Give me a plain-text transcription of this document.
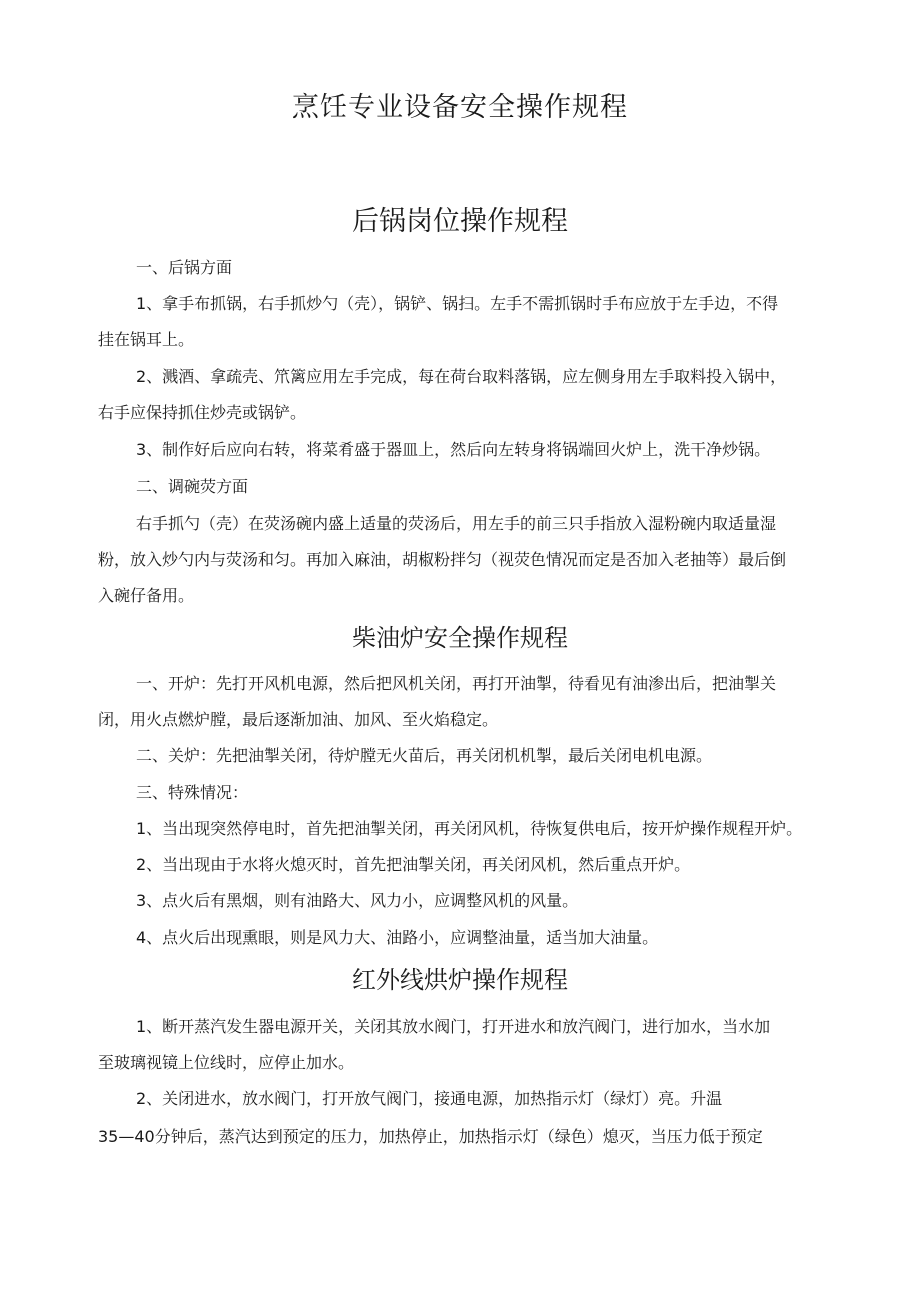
烹饪专业设备安全操作规程
后锅岗位操作规程
一、后锅方面
1、拿手布抓锅，右手抓炒勺（壳），锅铲、锅扫。左手不需抓锅时手布应放于左手边，不得
挂在锅耳上。
2、溅酒、拿疏壳、笊篱应用左手完成，每在荷台取料落锅，应左侧身用左手取料投入锅中，
右手应保持抓住炒壳或锅铲。
3、制作好后应向右转，将菜肴盛于器皿上，然后向左转身将锅端回火炉上，洗干净炒锅。
二、调碗荧方面
右手抓勺（壳）在荧汤碗内盛上适量的荧汤后，用左手的前三只手指放入湿粉碗内取适量湿
粉，放入炒勺内与荧汤和匀。再加入麻油，胡椒粉拌匀（视荧色情况而定是否加入老抽等）最后倒
入碗仔备用。
柴油炉安全操作规程
一、开炉：先打开风机电源，然后把风机关闭，再打开油掣，待看见有油渗出后，把油掣关
闭，用火点燃炉膛，最后逐渐加油、加风、至火焰稳定。
二、关炉：先把油掣关闭，待炉膛无火苗后，再关闭机机掣，最后关闭电机电源。
三、特殊情况：
1、当出现突然停电时，首先把油掣关闭，再关闭风机，待恢复供电后，按开炉操作规程开炉。
2、当出现由于水将火熄灭时，首先把油掣关闭，再关闭风机，然后重点开炉。
3、点火后有黑烟，则有油路大、风力小，应调整风机的风量。
4、点火后出现熏眼，则是风力大、油路小，应调整油量，适当加大油量。
红外线烘炉操作规程
1、断开蒸汽发生器电源开关，关闭其放水阀门，打开进水和放汽阀门，进行加水，当水加
至玻璃视镜上位线时，应停止加水。
2、关闭进水，放水阀门，打开放气阀门，接通电源，加热指示灯（绿灯）亮。升温
35—40分钟后，蒸汽达到预定的压力，加热停止，加热指示灯（绿色）熄灭，当压力低于预定
